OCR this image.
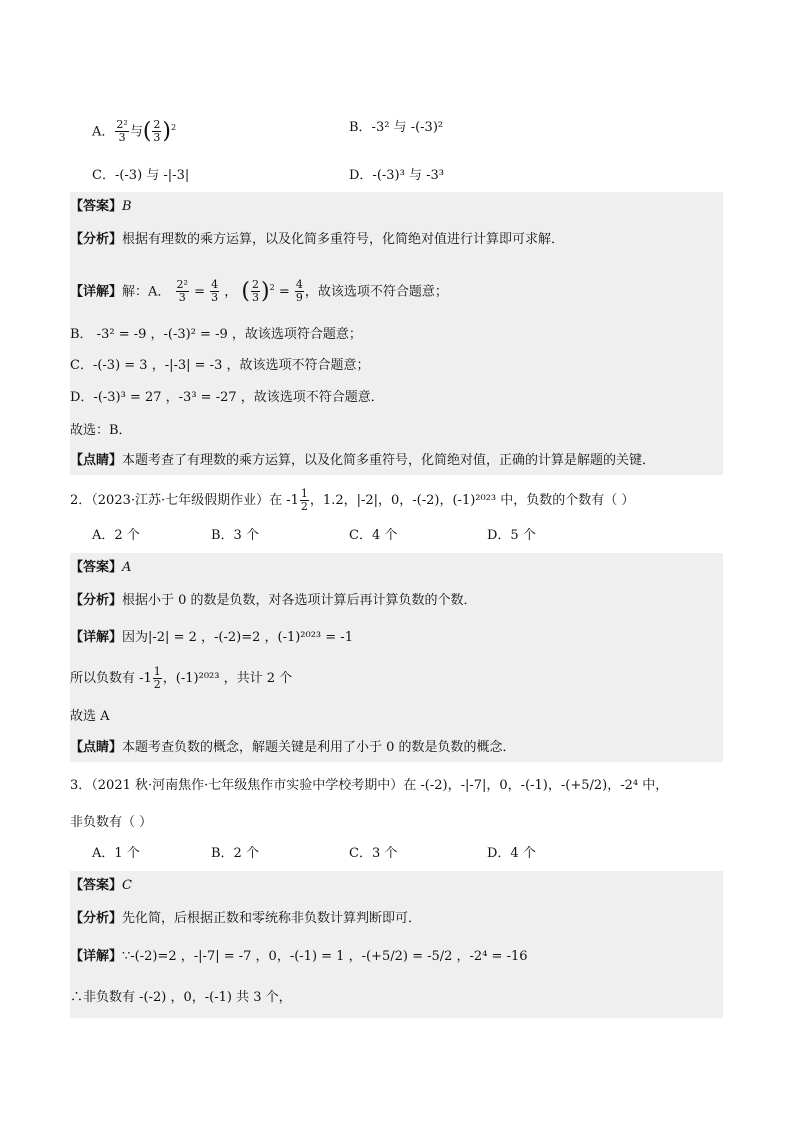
A． $\frac{\text{2²}}{3}$ 与( $\frac{2}{3} )^2$	B．-3² 与 -(-3)²
C．-(-3) 与 -|-3|	D．-(-3)³ 与 -3³
【答案】B
【分析】根据有理数的乘方运算，以及化简多重符号，化简绝对值进行计算即可求解．
【详解】解：A． $\frac{\text{2²}}{3} = \frac{4}{3}$ ， ( $\frac{2}{3} )^2 = \frac{4}{9}$ ，故该选项不符合题意；
B． -3² = -9 ，-(-3)² = -9 ，故该选项符合题意；
C．-(-3) = 3 ，-|-3| = -3 ，故该选项不符合题意；
D．-(-3)³ = 27 ，-3³ = -27 ，故该选项不符合题意．
故选：B．
【点睛】本题考查了有理数的乘方运算，以及化简多重符号，化简绝对值，正确的计算是解题的关键．
2．（2023·江苏·七年级假期作业）在 $-1 \frac{1}{2}$ ，1.2，|-2|，0，-(-2)，(-1)²⁰²³ 中，负数的个数有（ ）
A．2 个	B．3 个	C．4 个	D．5 个
【答案】A
【分析】根据小于 0 的数是负数，对各选项计算后再计算负数的个数．
【详解】因为|-2| = 2 ，-(-2)=2 ，(-1)²⁰²³ = -1
所以负数有 $-1 \frac{1}{2}$ ，(-1)²⁰²³ ，共计 2 个
故选 A
【点睛】本题考查负数的概念，解题关键是利用了小于 0 的数是负数的概念．
3．（2021 秋·河南焦作·七年级焦作市实验中学校考期中）在 -(-2)，-|-7|，0，-(-1)，-(+5/2)，-2⁴ 中，
非负数有（ ）
A．1 个	B．2 个	C．3 个	D．4 个
【答案】C
【分析】先化简，后根据正数和零统称非负数计算判断即可．
【详解】∵-(-2)=2 ，-|-7| = -7 ，0，-(-1) = 1 ，-(+5/2) = -5/2 ，-2⁴ = -16
∴非负数有 -(-2) ，0，-(-1) 共 3 个，
